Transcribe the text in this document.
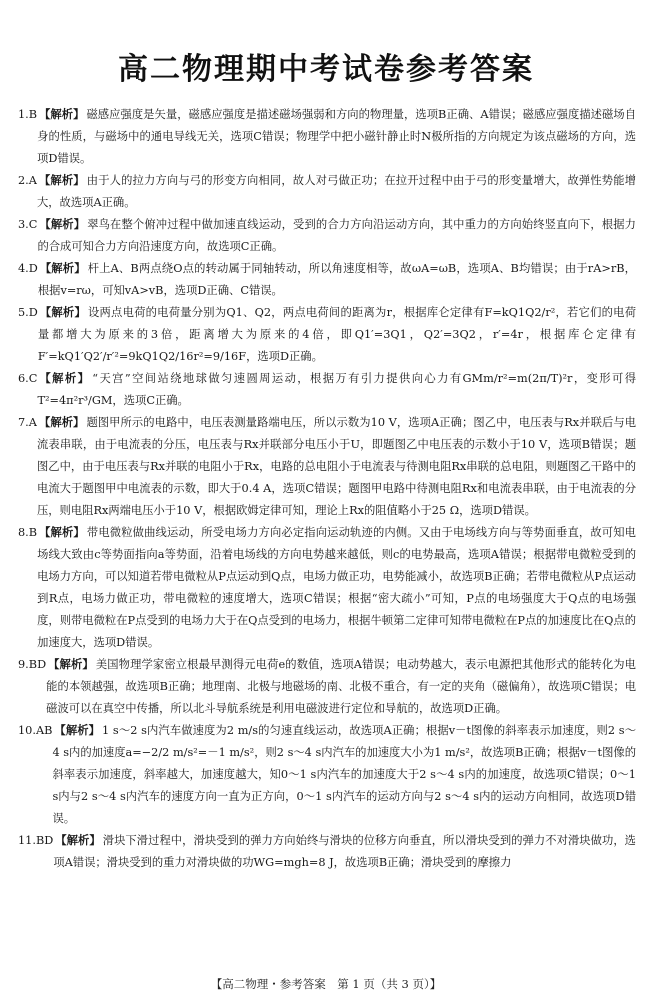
高二物理期中考试卷参考答案
1.B 【解析】 磁感应强度是矢量，磁感应强度是描述磁场强弱和方向的物理量，选项B正确、A错误；磁感应强度描述磁场自身的性质，与磁场中的通电导线无关，选项C错误；物理学中把小磁针静止时N极所指的方向规定为该点磁场的方向，选项D错误。
2.A 【解析】 由于人的拉力方向与弓的形变方向相同，故人对弓做正功；在拉开过程中由于弓的形变量增大，故弹性势能增大，故选项A正确。
3.C 【解析】 翠鸟在整个俯冲过程中做加速直线运动，受到的合力方向沿运动方向，其中重力的方向始终竖直向下，根据力的合成可知合力方向沿速度方向，故选项C正确。
4.D 【解析】 杆上A、B两点绕O点的转动属于同轴转动，所以角速度相等，故ωA=ωB，选项A、B均错误；由于rA>rB，根据v=rω，可知vA>vB，选项D正确、C错误。
5.D 【解析】 设两点电荷的电荷量分别为Q1、Q2，两点电荷间的距离为r，根据库仑定律有F=kQ1Q2/r²，若它们的电荷量都增大为原来的3倍，距离增大为原来的4倍，即Q1′=3Q1，Q2′=3Q2，r′=4r，根据库仑定律有F′=kQ1′Q2′/r′²=9kQ1Q2/16r²=9/16F，选项D正确。
6.C 【解析】 “天宫”空间站绕地球做匀速圆周运动，根据万有引力提供向心力有GMm/r²=m(2π/T)²r，变形可得T²=4π²r³/GM，选项C正确。
7.A 【解析】 题图甲所示的电路中，电压表测量路端电压，所以示数为10 V，选项A正确；图乙中，电压表与Rx并联后与电流表串联，由于电流表的分压，电压表与Rx并联部分电压小于U，即题图乙中电压表的示数小于10 V，选项B错误；题图乙中，由于电压表与Rx并联的电阻小于Rx，电路的总电阻小于电流表与待测电阻Rx串联的总电阻，则题图乙干路中的电流大于题图甲中电流表的示数，即大于0.4 A，选项C错误；题图甲电路中待测电阻Rx和电流表串联，由于电流表的分压，则电阻Rx两端电压小于10 V，根据欧姆定律可知，理论上Rx的阻值略小于25 Ω，选项D错误。
8.B 【解析】 带电微粒做曲线运动，所受电场力方向必定指向运动轨迹的内侧。又由于电场线方向与等势面垂直，故可知电场线大致由c等势面指向a等势面，沿着电场线的方向电势越来越低，则c的电势最高，选项A错误；根据带电微粒受到的电场力方向，可以知道若带电微粒从P点运动到Q点，电场力做正功，电势能减小，故选项B正确；若带电微粒从P点运动到R点，电场力做正功，带电微粒的速度增大，选项C错误；根据“密大疏小”可知，P点的电场强度大于Q点的电场强度，则带电微粒在P点受到的电场力大于在Q点受到的电场力，根据牛顿第二定律可知带电微粒在P点的加速度比在Q点的加速度大，选项D错误。
9.BD 【解析】 美国物理学家密立根最早测得元电荷e的数值，选项A错误；电动势越大，表示电源把其他形式的能转化为电能的本领越强，故选项B正确；地理南、北极与地磁场的南、北极不重合，有一定的夹角（磁偏角），故选项C错误；电磁波可以在真空中传播，所以北斗导航系统是利用电磁波进行定位和导航的，故选项D正确。
10.AB 【解析】 1 s～2 s内汽车做速度为2 m/s的匀速直线运动，故选项A正确；根据v－t图像的斜率表示加速度，则2 s～4 s内的加速度a=−2/2 m/s²=－1 m/s²，则2 s～4 s内汽车的加速度大小为1 m/s²，故选项B正确；根据v－t图像的斜率表示加速度，斜率越大，加速度越大，知0～1 s内汽车的加速度大于2 s～4 s内的加速度，故选项C错误；0～1 s内与2 s～4 s内汽车的速度方向一直为正方向，0～1 s内汽车的运动方向与2 s～4 s内的运动方向相同，故选项D错误。
11.BD 【解析】 滑块下滑过程中，滑块受到的弹力方向始终与滑块的位移方向垂直，所以滑块受到的弹力不对滑块做功，选项A错误；滑块受到的重力对滑块做的功WG=mgh=8 J，故选项B正确；滑块受到的摩擦力
【高二物理・参考答案　第 1 页（共 3 页）】
